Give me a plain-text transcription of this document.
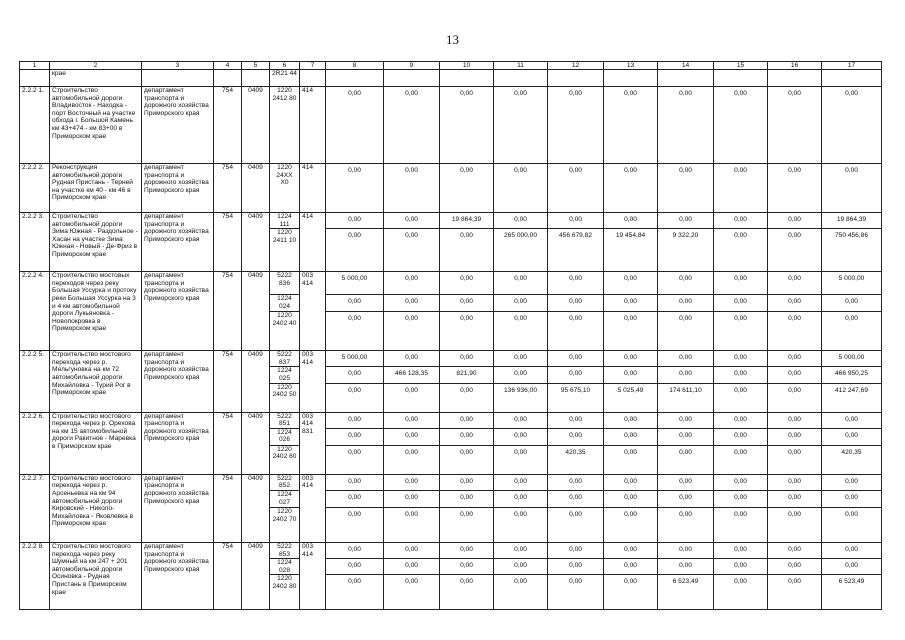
13
1	2	3	4	5	6	7	8	9	10	11	12	13	14	15	16	17
	крае				2R21 44											
2.2.2 1.	Строительство автомобильной дороги Владивосток - Находка - порт Восточный на участке обхода г. Большой Камень км 43+474 - км 83+00 в Приморском крае	департамент транспорта и дорожного хозяйства Приморского края	754	0409	1220 2412 80	414	0,00	0,00	0,00	0,00	0,00	0,00	0,00	0,00	0,00	0,00
2.2.2 2.	Реконструкция автомобильной дороги Рудная Пристань - Терней на участке км 40 - км 46 в Приморском крае	департамент транспорта и дорожного хозяйства Приморского края	754	0409	1220 24ХХ Х0	414	0,00	0,00	0,00	0,00	0,00	0,00	0,00	0,00	0,00	0,00
2.2.2 3.	Строительство автомобильной дороги Зима Южная - Раздольное - Хасан на участке Зима Южная - Новый - Де-Фриз в Приморском крае	департамент транспорта и дорожного хозяйства Приморского края	754	0409	1224 111	414	0,00	0,00	19 864,39	0,00	0,00	0,00	0,00	0,00	0,00	19 864,39
					1220 2411 10		0,00	0,00	0,00	265 000,00	456 679,82	19 454,84	9 322,20	0,00	0,00	750 456,86
2.2.2 4.	Строительство мостовых переходов через реку Большая Уссурка и протоку реки Большая Уссурка на 3 и 4 км автомобильной дороги Лукьяновка - Новопокровка в Приморском крае	департамент транспорта и дорожного хозяйства Приморского края	754	0409	5222 836	003 414	5 000,00	0,00	0,00	0,00	0,00	0,00	0,00	0,00	0,00	5 000,00
					1224 024		0,00	0,00	0,00	0,00	0,00	0,00	0,00	0,00	0,00	0,00
					1220 2402 40		0,00	0,00	0,00	0,00	0,00	0,00	0,00	0,00	0,00	0,00
2.2.2 5.	Строительство мостового перехода через р. Мельгуновка на км 72 автомобильной дороги Михайловка - Турий Рог в Приморском крае	департамент транспорта и дорожного хозяйства Приморского края	754	0409	5222 837	003 414	5 000,00	0,00	0,00	0,00	0,00	0,00	0,00	0,00	0,00	5 000,00
					1224 025		0,00	466 128,35	821,90	0,00	0,00	0,00	0,00	0,00	0,00	466 950,25
					1220 2402 50		0,00	0,00	0,00	136 936,00	95 675,10	5 025,49	174 611,10	0,00	0,00	412 247,69
2.2.2 6.	Строительство мостового перехода через р. Орехова на км 15 автомобильной дороги Ракитное - Маревка в Приморском крае	департамент транспорта и дорожного хозяйства Приморского края	754	0409	5222 851	003 414 831	0,00	0,00	0,00	0,00	0,00	0,00	0,00	0,00	0,00	0,00
					1224 026		0,00	0,00	0,00	0,00	0,00	0,00	0,00	0,00	0,00	0,00
					1220 2402 60		0,00	0,00	0,00	0,00	420,35	0,00	0,00	0,00	0,00	420,35
2.2.2 7.	Строительство мостового перехода через р. Арсеньевка на км 94 автомобильной дороги Кировский - Николо-Михайловка - Яковлевка в Приморском крае	департамент транспорта и дорожного хозяйства Приморского края	754	0409	5222 852	003 414	0,00	0,00	0,00	0,00	0,00	0,00	0,00	0,00	0,00	0,00
					1224 027		0,00	0,00	0,00	0,00	0,00	0,00	0,00	0,00	0,00	0,00
					1220 2402 70		0,00	0,00	0,00	0,00	0,00	0,00	0,00	0,00	0,00	0,00
2.2.2 8.	Строительство мостового перехода через реку Шумный на км 247 + 201 автомобильной дороги Осиновка - Рудная Пристань в Приморском крае	департамент транспорта и дорожного хозяйства Приморского края	754	0409	5222 853	003 414	0,00	0,00	0,00	0,00	0,00	0,00	0,00	0,00	0,00	0,00
					1224 028		0,00	0,00	0,00	0,00	0,00	0,00	0,00	0,00	0,00	0,00
					1220 2402 80		0,00	0,00	0,00	0,00	0,00	0,00	6 523,49	0,00	0,00	6 523,49
